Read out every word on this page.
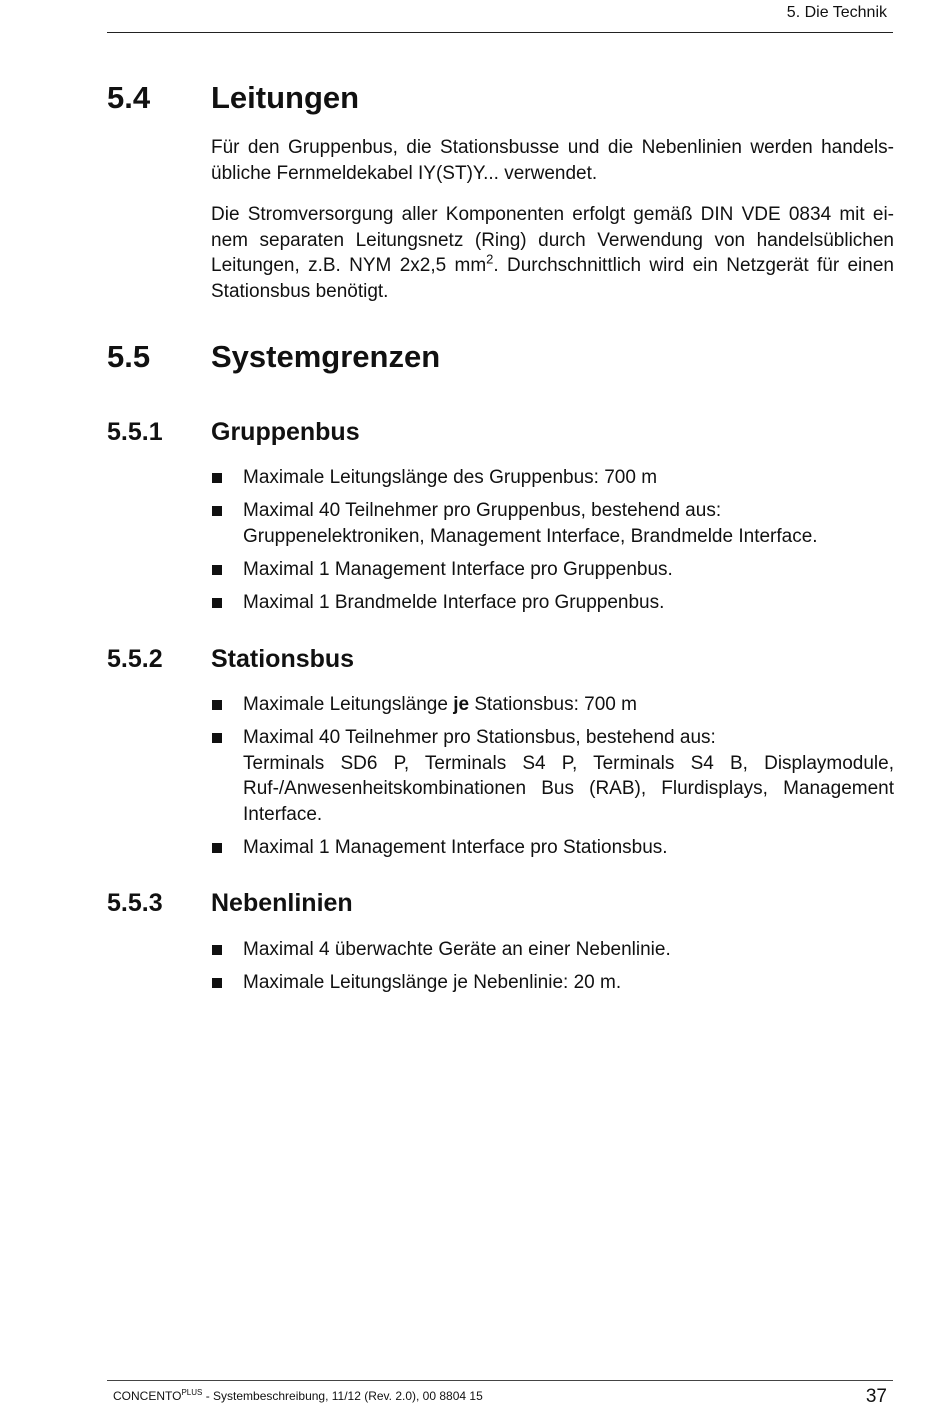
5. Die Technik
5.4 Leitungen
Für den Gruppenbus, die Stationsbusse und die Nebenlinien werden handels-
übliche Fernmeldekabel IY(ST)Y... verwendet.
Die Stromversorgung aller Komponenten erfolgt gemäß DIN VDE 0834 mit ei-
nem separaten Leitungsnetz (Ring) durch Verwendung von handelsüblichen
Leitungen, z.B. NYM 2x2,5 $mm^2$. Durchschnittlich wird ein Netzgerät für einen
Stationsbus benötigt.
5.5 Systemgrenzen
5.5.1 Gruppenbus
Maximale Leitungslänge des Gruppenbus: 700 m
Maximal 40 Teilnehmer pro Gruppenbus, bestehend aus:
Gruppenelektroniken, Management Interface, Brandmelde Interface.
Maximal 1 Management Interface pro Gruppenbus.
Maximal 1 Brandmelde Interface pro Gruppenbus.
5.5.2 Stationsbus
Maximale Leitungslänge je Stationsbus: 700 m
Maximal 40 Teilnehmer pro Stationsbus, bestehend aus:
Terminals SD6 P, Terminals S4 P, Terminals S4 B, Displaymodule,
Ruf-/Anwesenheitskombinationen Bus (RAB), Flurdisplays, Management
Interface.
Maximal 1 Management Interface pro Stationsbus.
5.5.3 Nebenlinien
Maximal 4 überwachte Geräte an einer Nebenlinie.
Maximale Leitungslänge je Nebenlinie: 20 m.
$CONCENTO^{PLUS}$ - Systembeschreibung, 11/12 (Rev. 2.0), 00 8804 15	37
